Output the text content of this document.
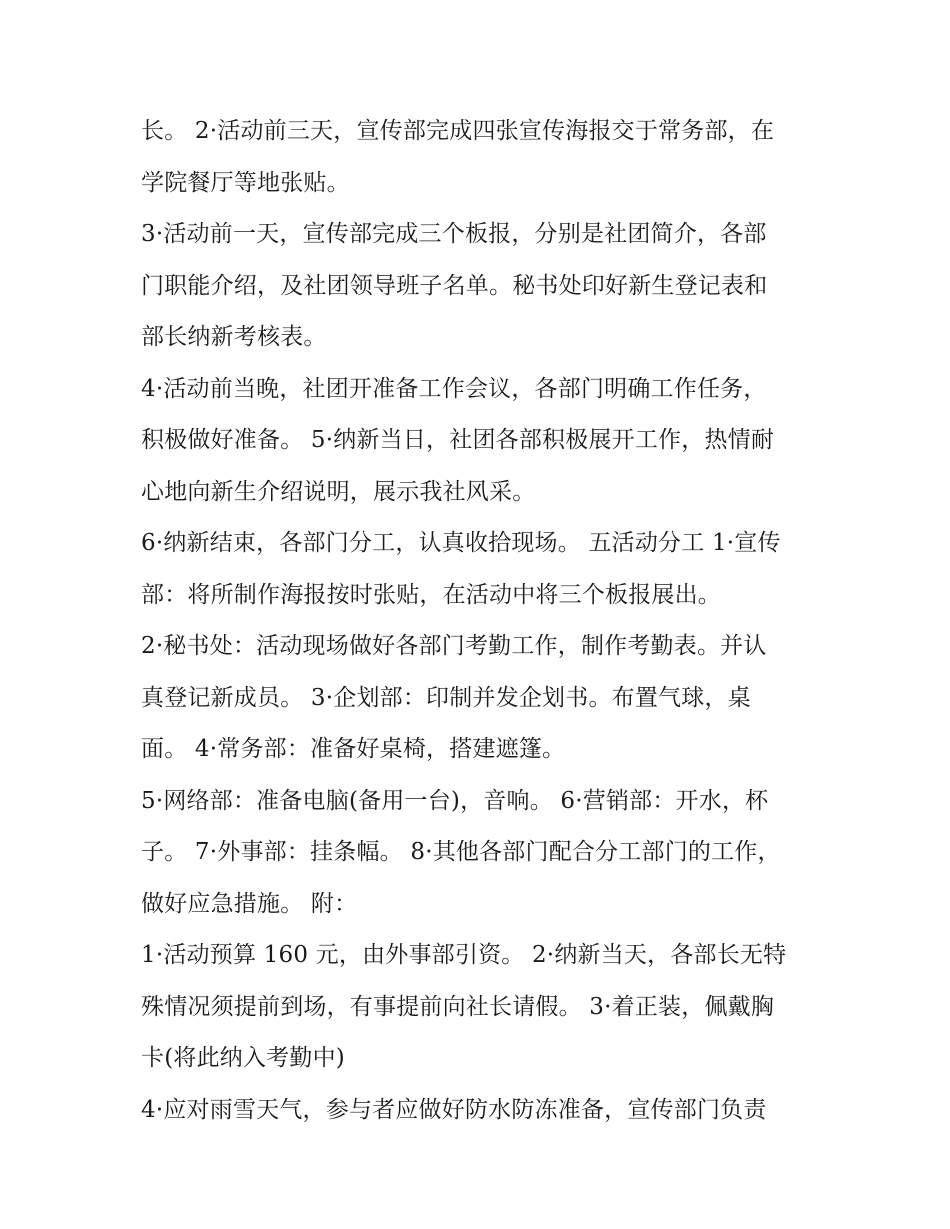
长。 2·活动前三天，宣传部完成四张宣传海报交于常务部，在
学院餐厅等地张贴。
3·活动前一天，宣传部完成三个板报，分别是社团简介，各部
门职能介绍，及社团领导班子名单。秘书处印好新生登记表和
部长纳新考核表。
4·活动前当晚，社团开准备工作会议，各部门明确工作任务，
积极做好准备。 5·纳新当日，社团各部积极展开工作，热情耐
心地向新生介绍说明，展示我社风采。
6·纳新结束，各部门分工，认真收拾现场。 五活动分工 1·宣传
部：将所制作海报按时张贴，在活动中将三个板报展出。
2·秘书处：活动现场做好各部门考勤工作，制作考勤表。并认
真登记新成员。 3·企划部：印制并发企划书。布置气球，桌
面。 4·常务部：准备好桌椅，搭建遮篷。
5·网络部：准备电脑(备用一台)，音响。 6·营销部：开水，杯
子。 7·外事部：挂条幅。 8·其他各部门配合分工部门的工作，
做好应急措施。 附：
1·活动预算 160 元，由外事部引资。 2·纳新当天，各部长无特
殊情况须提前到场，有事提前向社长请假。 3·着正装，佩戴胸
卡(将此纳入考勤中)
4·应对雨雪天气，参与者应做好防水防冻准备，宣传部门负责
